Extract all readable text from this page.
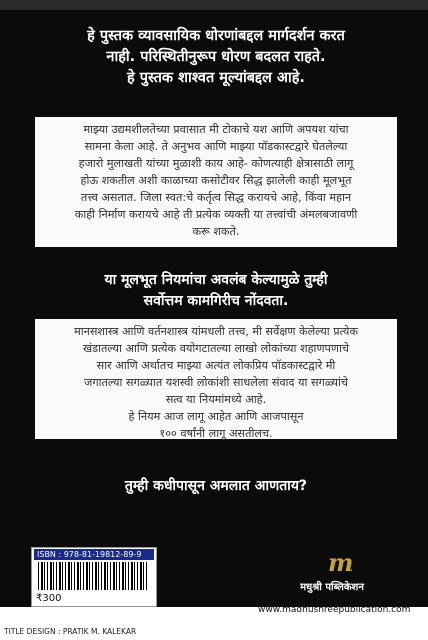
हे पुस्तक व्यावसायिक धोरणांबद्दल मार्गदर्शन करत

नाही. परिस्थितीनुरूप धोरण बदलत राहते.

हे पुस्तक शाश्वत मूल्यांबद्दल आहे.

माझ्या उद्यमशीलतेच्या प्रवासात मी टोकाचे यश आणि अपयश यांचा

सामना केला आहे. ते अनुभव आणि माझ्या पॉडकास्टद्वारे घेतलेल्या

हजारो मुलाखती यांच्या मुळाशी काय आहे- कोणत्याही क्षेत्रासाठी लागू

होऊ शकतील अशी काळाच्या कसोटीवर सिद्ध झालेली काही मूलभूत

तत्त्व असतात. जिला स्वत:चे कर्तृत्व सिद्ध करायचे आहे, किंवा महान

काही निर्माण करायचे आहे ती प्रत्येक व्यक्ती या तत्त्वांची अंमलबजावणी

करू शकते.

या मूलभूत नियमांचा अवलंब केल्यामुळे तुम्ही

सर्वोत्तम कामगिरीच नोंदवता.

मानसशास्त्र आणि वर्तनशास्त्र यांमधली तत्त्व, मी सर्वेक्षण केलेल्या प्रत्येक

खंडातल्या आणि प्रत्येक वयोगटातल्या लाखो लोकांच्या शहाणपणाचे

सार आणि अर्थातच माझ्या अत्यंत लोकप्रिय पॉडकास्टद्वारे मी

जगातल्या सगळ्यात यशस्वी लोकांशी साधलेला संवाद या सगळ्यांचे

सत्व या नियमांमध्ये आहे.

हे नियम आज लागू आहेत आणि आजपासून

१०० वर्षांनी लागू असतीलच.

तुम्ही कधीपासून अमलात आणताय?
ISBN : 978-81-19812-89-9
₹300
m
मधुश्री पब्लिकेशन
www.madhushreepublication.com
TITLE DESIGN : PRATIK M. KALEKAR
